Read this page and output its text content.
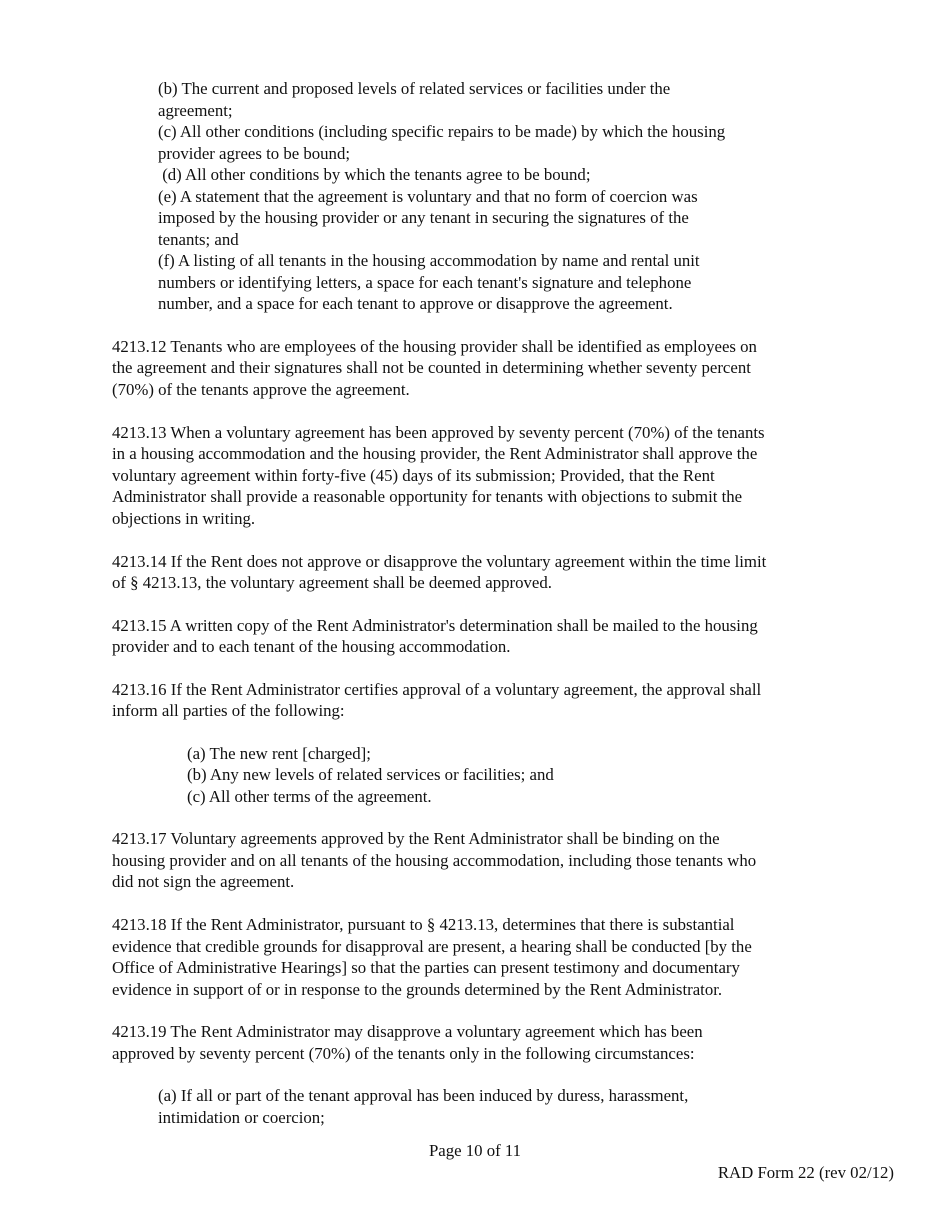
(b) The current and proposed levels of related services or facilities under the
agreement;
(c) All other conditions (including specific repairs to be made) by which the housing
provider agrees to be bound;
(d) All other conditions by which the tenants agree to be bound;
(e) A statement that the agreement is voluntary and that no form of coercion was
imposed by the housing provider or any tenant in securing the signatures of the
tenants; and
(f) A listing of all tenants in the housing accommodation by name and rental unit
numbers or identifying letters, a space for each tenant's signature and telephone
number, and a space for each tenant to approve or disapprove the agreement.
4213.12 Tenants who are employees of the housing provider shall be identified as employees on
the agreement and their signatures shall not be counted in determining whether seventy percent
(70%) of the tenants approve the agreement.
4213.13 When a voluntary agreement has been approved by seventy percent (70%) of the tenants
in a housing accommodation and the housing provider, the Rent Administrator shall approve the
voluntary agreement within forty-five (45) days of its submission; Provided, that the Rent
Administrator shall provide a reasonable opportunity for tenants with objections to submit the
objections in writing.
4213.14 If the Rent does not approve or disapprove the voluntary agreement within the time limit
of § 4213.13, the voluntary agreement shall be deemed approved.
4213.15 A written copy of the Rent Administrator's determination shall be mailed to the housing
provider and to each tenant of the housing accommodation.
4213.16 If the Rent Administrator certifies approval of a voluntary agreement, the approval shall
inform all parties of the following:
(a) The new rent [charged];
(b) Any new levels of related services or facilities; and
(c) All other terms of the agreement.
4213.17 Voluntary agreements approved by the Rent Administrator shall be binding on the
housing provider and on all tenants of the housing accommodation, including those tenants who
did not sign the agreement.
4213.18 If the Rent Administrator, pursuant to § 4213.13, determines that there is substantial
evidence that credible grounds for disapproval are present, a hearing shall be conducted [by the
Office of Administrative Hearings] so that the parties can present testimony and documentary
evidence in support of or in response to the grounds determined by the Rent Administrator.
4213.19 The Rent Administrator may disapprove a voluntary agreement which has been
approved by seventy percent (70%) of the tenants only in the following circumstances:
(a) If all or part of the tenant approval has been induced by duress, harassment,
intimidation or coercion;
Page 10 of 11
RAD Form 22 (rev 02/12)
